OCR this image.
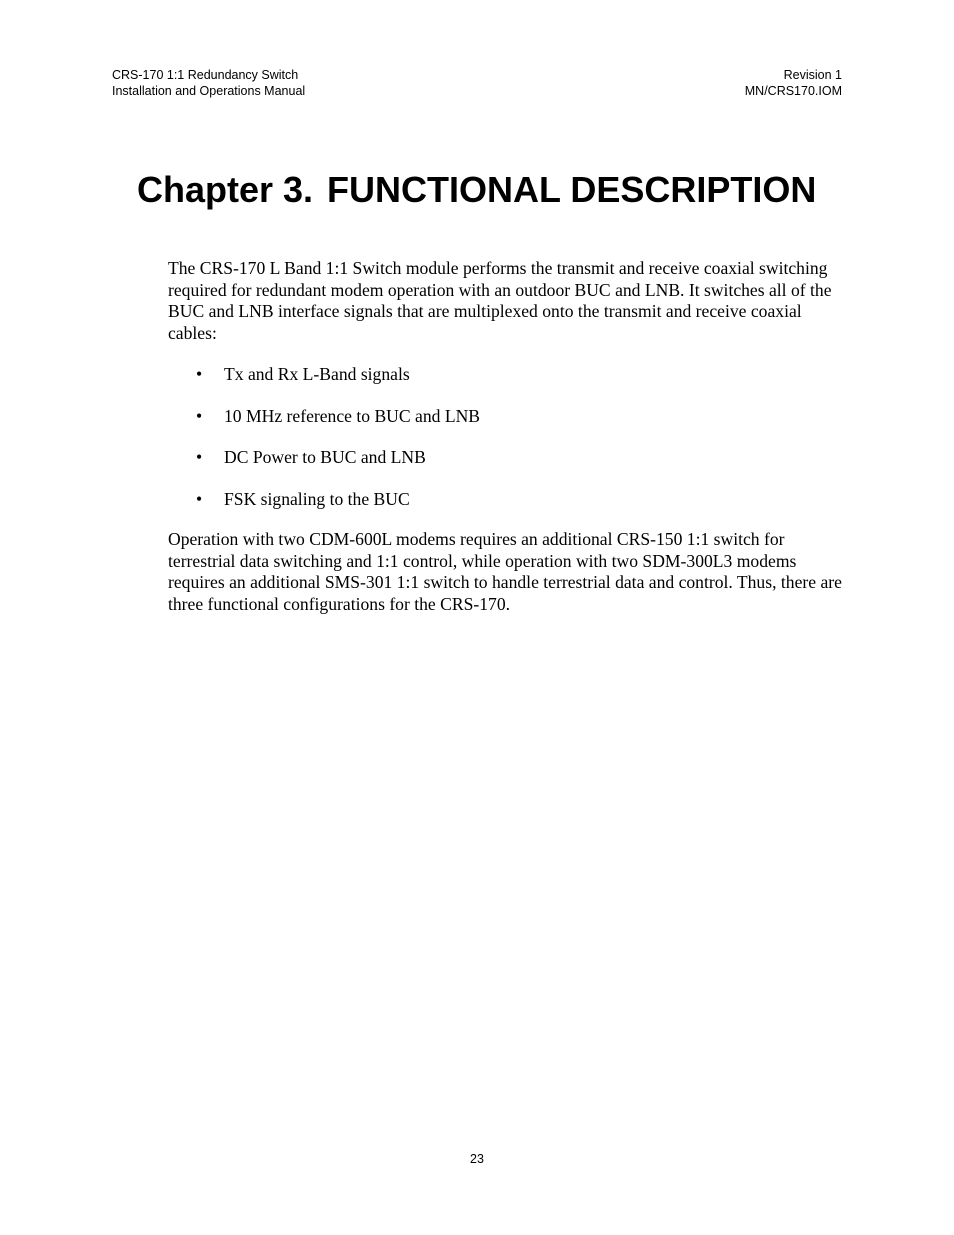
CRS-170 1:1 Redundancy Switch
Installation and Operations Manual
Revision 1
MN/CRS170.IOM
Chapter 3. FUNCTIONAL DESCRIPTION

The CRS-170 L Band 1:1 Switch module performs the transmit and receive coaxial switching required for redundant modem operation with an outdoor BUC and LNB. It switches all of the BUC and LNB interface signals that are multiplexed onto the transmit and receive coaxial cables:

• Tx and Rx L-Band signals
• 10 MHz reference to BUC and LNB
• DC Power to BUC and LNB
• FSK signaling to the BUC

Operation with two CDM-600L modems requires an additional CRS-150 1:1 switch for terrestrial data switching and 1:1 control, while operation with two SDM-300L3 modems requires an additional SMS-301 1:1 switch to handle terrestrial data and control. Thus, there are three functional configurations for the CRS-170.

23
